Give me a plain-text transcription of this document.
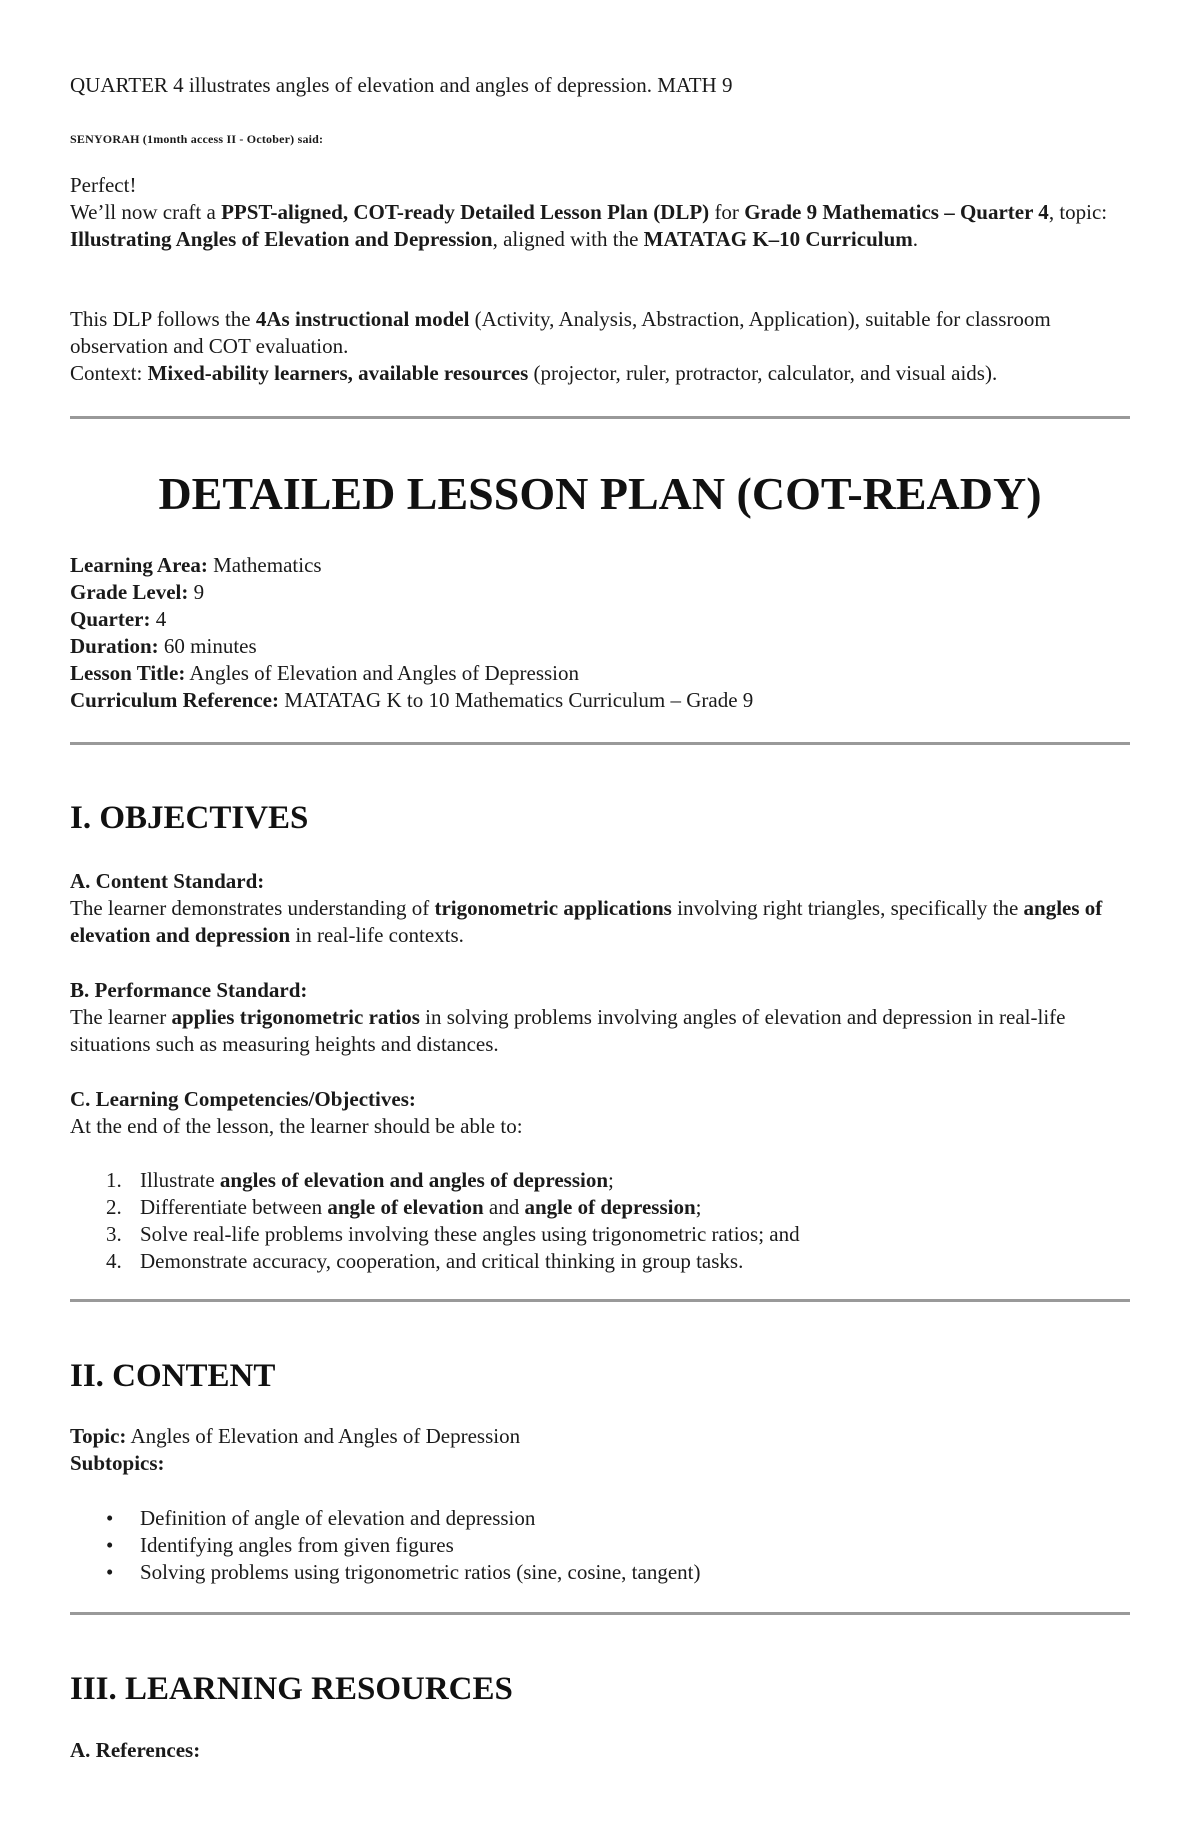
QUARTER 4 illustrates angles of elevation and angles of depression. MATH 9

SENYORAH (1month access II - October) said:

Perfect!

We’ll now craft a PPST-aligned, COT-ready Detailed Lesson Plan (DLP) for Grade 9 Mathematics – Quarter 4, topic: Illustrating Angles of Elevation and Depression, aligned with the MATATAG K–10 Curriculum.

This DLP follows the 4As instructional model (Activity, Analysis, Abstraction, Application), suitable for classroom observation and COT evaluation.

Context: Mixed-ability learners, available resources (projector, ruler, protractor, calculator, and visual aids).

DETAILED LESSON PLAN (COT-READY)

Learning Area: Mathematics

Grade Level: 9

Quarter: 4

Duration: 60 minutes

Lesson Title: Angles of Elevation and Angles of Depression

Curriculum Reference: MATATAG K to 10 Mathematics Curriculum – Grade 9

I. OBJECTIVES

A. Content Standard:

The learner demonstrates understanding of trigonometric applications involving right triangles, specifically the angles of elevation and depression in real-life contexts.

B. Performance Standard:

The learner applies trigonometric ratios in solving problems involving angles of elevation and depression in real-life situations such as measuring heights and distances.

C. Learning Competencies/Objectives:

At the end of the lesson, the learner should be able to:

1. Illustrate angles of elevation and angles of depression;
2. Differentiate between angle of elevation and angle of depression;
3. Solve real-life problems involving these angles using trigonometric ratios; and
4. Demonstrate accuracy, cooperation, and critical thinking in group tasks.
II. CONTENT

Topic: Angles of Elevation and Angles of Depression

Subtopics:

• Definition of angle of elevation and depression
• Identifying angles from given figures
• Solving problems using trigonometric ratios (sine, cosine, tangent)
III. LEARNING RESOURCES

A. References:
